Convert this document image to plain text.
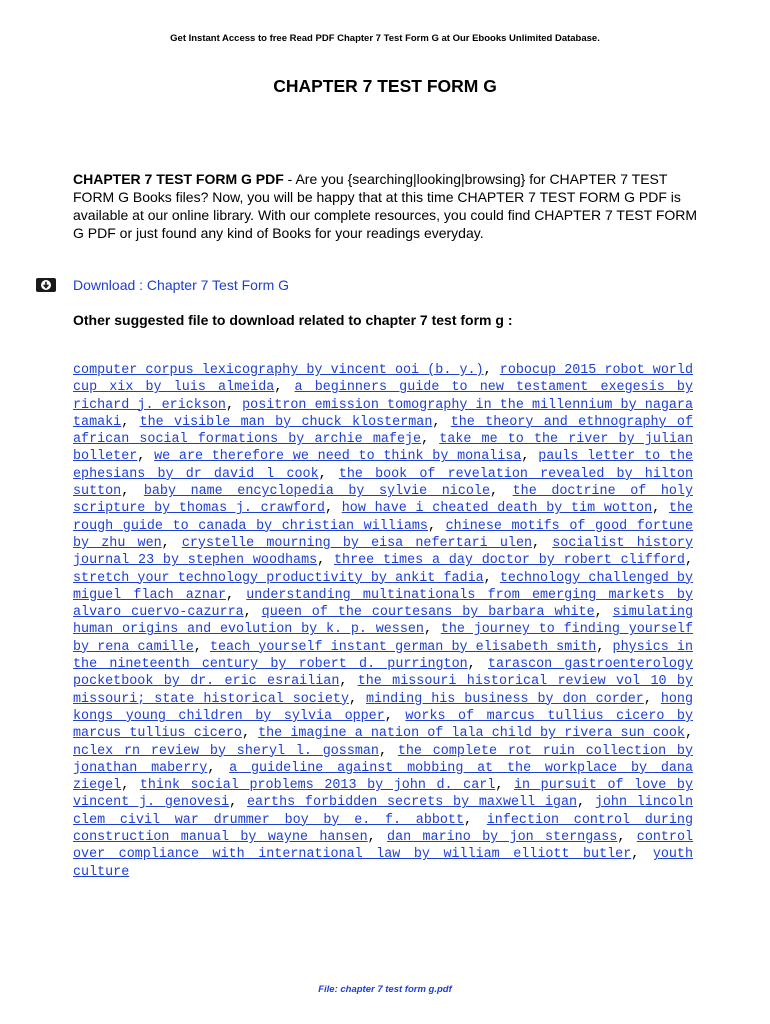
Get Instant Access to free Read PDF Chapter 7 Test Form G at Our Ebooks Unlimited Database.
CHAPTER 7 TEST FORM G

CHAPTER 7 TEST FORM G PDF - Are you {searching|looking|browsing} for CHAPTER 7 TEST FORM G Books files? Now, you will be happy that at this time CHAPTER 7 TEST FORM G PDF is available at our online library. With our complete resources, you could find CHAPTER 7 TEST FORM G PDF or just found any kind of Books for your readings everyday.

Download : Chapter 7 Test Form G

Other suggested file to download related to chapter 7 test form g :

computer corpus lexicography by vincent ooi (b. y.), robocup 2015 robot world cup xix by luis almeida, a beginners guide to new testament exegesis by richard j. erickson, positron emission tomography in the millennium by nagara tamaki, the visible man by chuck klosterman, the theory and ethnography of african social formations by archie mafeje, take me to the river by julian bolleter, we are therefore we need to think by monalisa, pauls letter to the ephesians by dr david l cook, the book of revelation revealed by hilton sutton, baby name encyclopedia by sylvie nicole, the doctrine of holy scripture by thomas j. crawford, how have i cheated death by tim wotton, the rough guide to canada by christian williams, chinese motifs of good fortune by zhu wen, crystelle mourning by eisa nefertari ulen, socialist history journal 23 by stephen woodhams, three times a day doctor by robert clifford, stretch your technology productivity by ankit fadia, technology challenged by miguel flach aznar, understanding multinationals from emerging markets by alvaro cuervo-cazurra, queen of the courtesans by barbara white, simulating human origins and evolution by k. p. wessen, the journey to finding yourself by rena camille, teach yourself instant german by elisabeth smith, physics in the nineteenth century by robert d. purrington, tarascon gastroenterology pocketbook by dr. eric esrailian, the missouri historical review vol 10 by missouri; state historical society, minding his business by don corder, hong kongs young children by sylvia opper, works of marcus tullius cicero by marcus tullius cicero, the imagine a nation of lala child by rivera sun cook, nclex rn review by sheryl l. gossman, the complete rot ruin collection by jonathan maberry, a guideline against mobbing at the workplace by dana ziegel, think social problems 2013 by john d. carl, in pursuit of love by vincent j. genovesi, earths forbidden secrets by maxwell igan, john lincoln clem civil war drummer boy by e. f. abbott, infection control during construction manual by wayne hansen, dan marino by jon sterngass, control over compliance with international law by william elliott butler, youth culture
File: chapter 7 test form g.pdf
